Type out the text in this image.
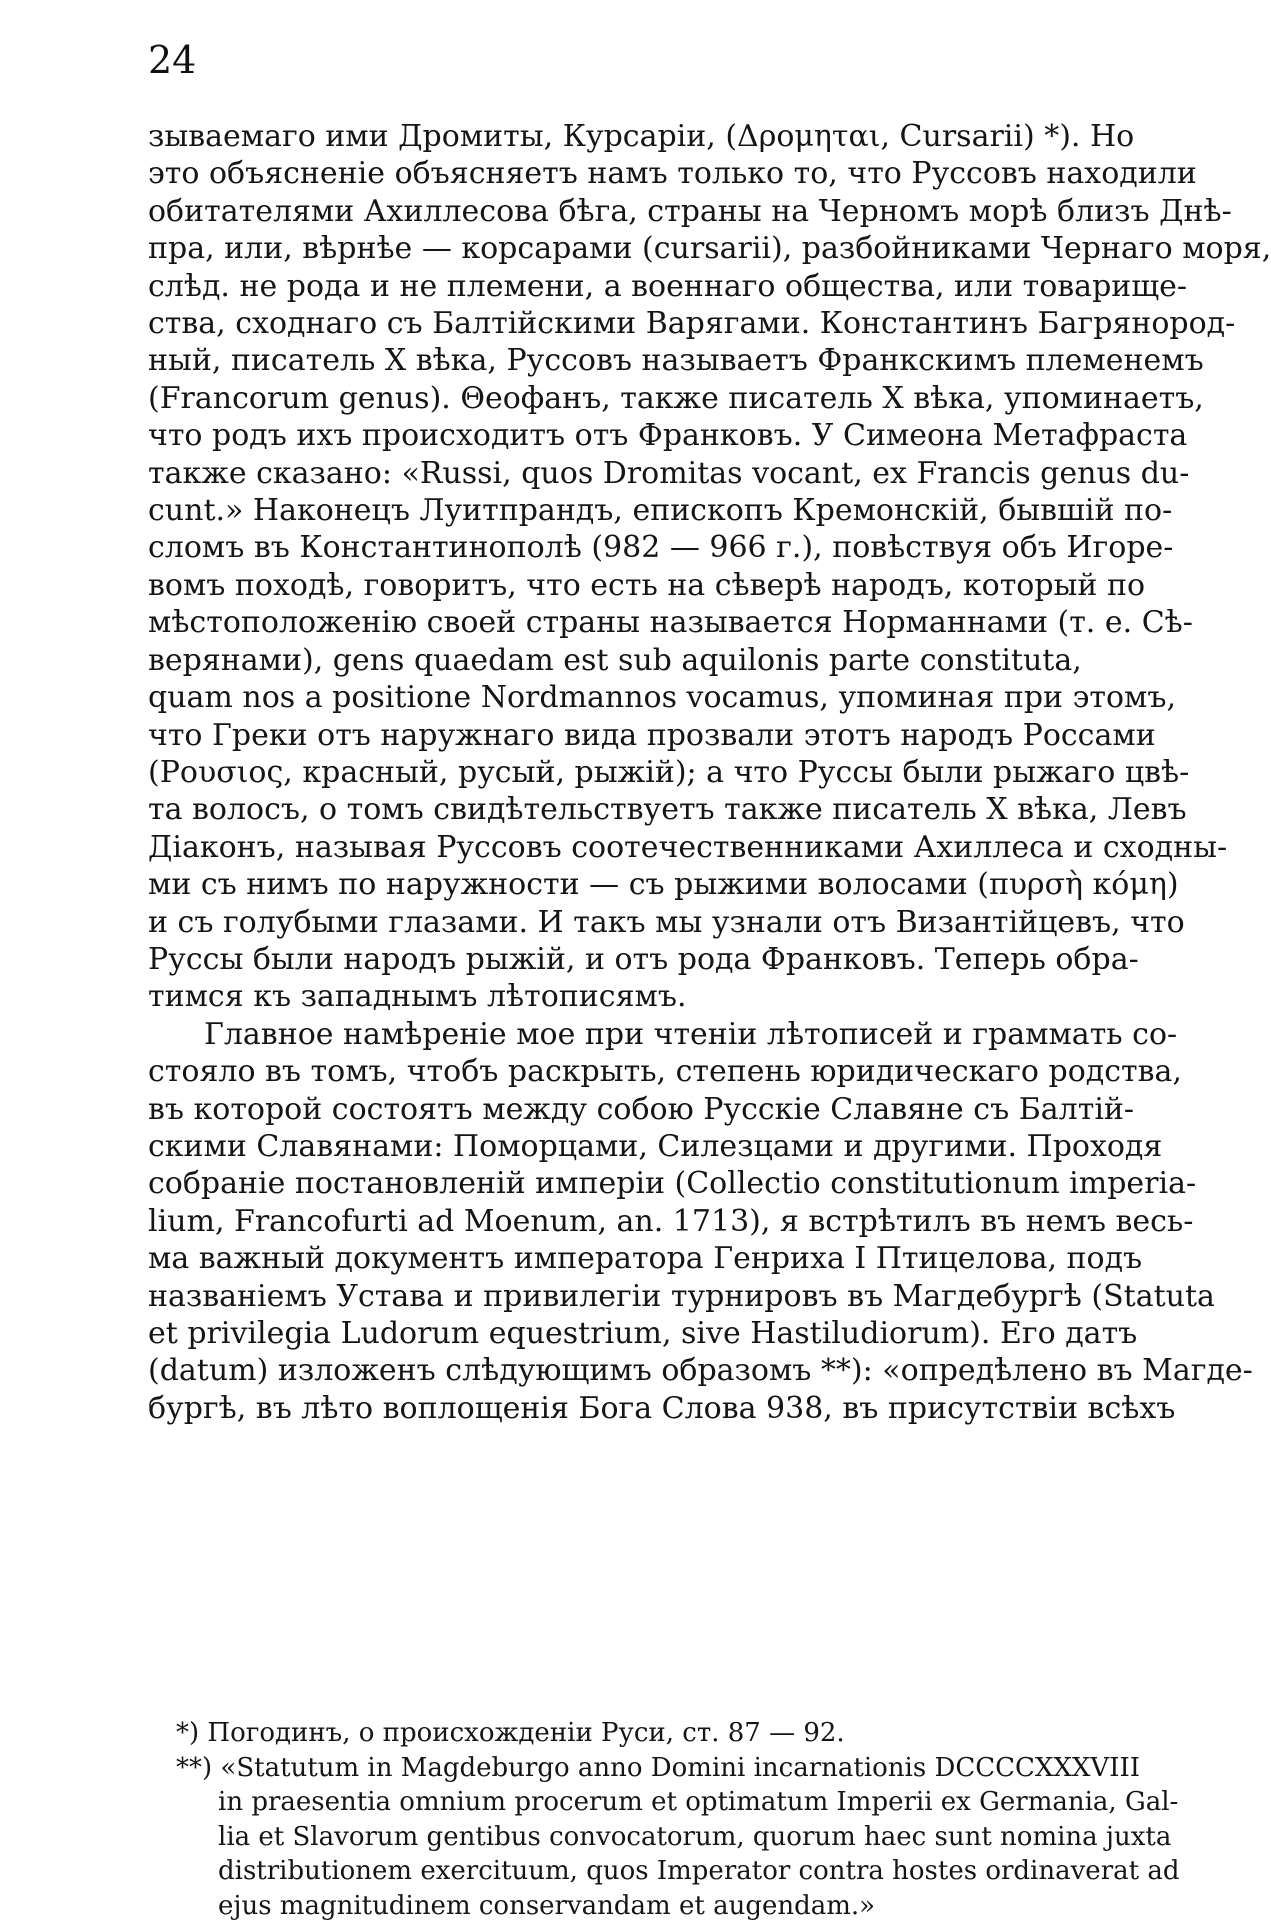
24
зываемаго ими Дромиты, Курсаріи, (Δρομηται, Cursarii) *). Но
это объясненіе объясняетъ намъ только то, что Руссовъ находили
обитателями Ахиллесова бѣга, страны на Черномъ морѣ близъ Днѣ-
пра, или, вѣрнѣе — корсарами (cursarii), разбойниками Чернаго моря,
слѣд. не рода и не племени, а военнаго общества, или товарище-
ства, сходнаго съ Балтійскими Варягами. Константинъ Багрянород-
ный, писатель X вѣка, Руссовъ называетъ Франкскимъ племенемъ
(Francorum genus). Θеофанъ, также писатель X вѣка, упоминаетъ,
что родъ ихъ происходитъ отъ Франковъ. У Симеона Метафраста
также сказано: «Russi, quos Dromitas vocant, ex Francis genus du-
cunt.» Наконецъ Луитпрандъ, епископъ Кремонскій, бывшій по-
сломъ въ Константинополѣ (982 — 966 г.), повѣствуя объ Игоре-
вомъ походѣ, говоритъ, что есть на сѣверѣ народъ, который по
мѣстоположенію своей страны называется Норманнами (т. е. Сѣ-
верянами), gens quaedam est sub aquilonis parte constituta,
quam nos a positione Nordmannos vocamus, упоминая при этомъ,
что Греки отъ наружнаго вида прозвали этотъ народъ Россами
(Ρουσιος, красный, русый, рыжій); а что Руссы были рыжаго цвѣ-
та волосъ, о томъ свидѣтельствуетъ также писатель X вѣка, Левъ
Діаконъ, называя Руссовъ соотечественниками Ахиллеса и сходны-
ми съ нимъ по наружности — съ рыжими волосами (πυρσὴ κόμη)
и съ голубыми глазами. И такъ мы узнали отъ Византійцевъ, что
Руссы были народъ рыжій, и отъ рода Франковъ. Теперь обра-
тимся къ западнымъ лѣтописямъ.
Главное намѣреніе мое при чтеніи лѣтописей и граммать со-
стояло въ томъ, чтобъ раскрыть, степень юридическаго родства,
въ которой состоятъ между собою Русскіе Славяне съ Балтій-
скими Славянами: Поморцами, Силезцами и другими. Проходя
собраніе постановленій имперіи (Collectio constitutionum imperia-
lium, Francofurti ad Moenum, an. 1713), я встрѣтилъ въ немъ весь-
ма важный документъ императора Генриха I Птицелова, подъ
названіемъ Устава и привилегіи турнировъ въ Магдебургѣ (Statuta
et privilegia Ludorum equestrium, sive Hastiludiorum). Его датъ
(datum) изложенъ слѣдующимъ образомъ **): «опредѣлено въ Магде-
бургѣ, въ лѣто воплощенія Бога Слова 938, въ присутствіи всѣхъ
*) Погодинъ, о происхожденіи Руси, ст. 87 — 92.
**) «Statutum in Magdeburgo anno Domini incarnationis DCCCCXXXVIII
in praesentia omnium procerum et optimatum Imperii ex Germania, Gal-
lia et Slavorum gentibus convocatorum, quorum haec sunt nomina juxta
distributionem exercituum, quos Imperator contra hostes ordinaverat ad
ejus magnitudinem conservandam et augendam.»
